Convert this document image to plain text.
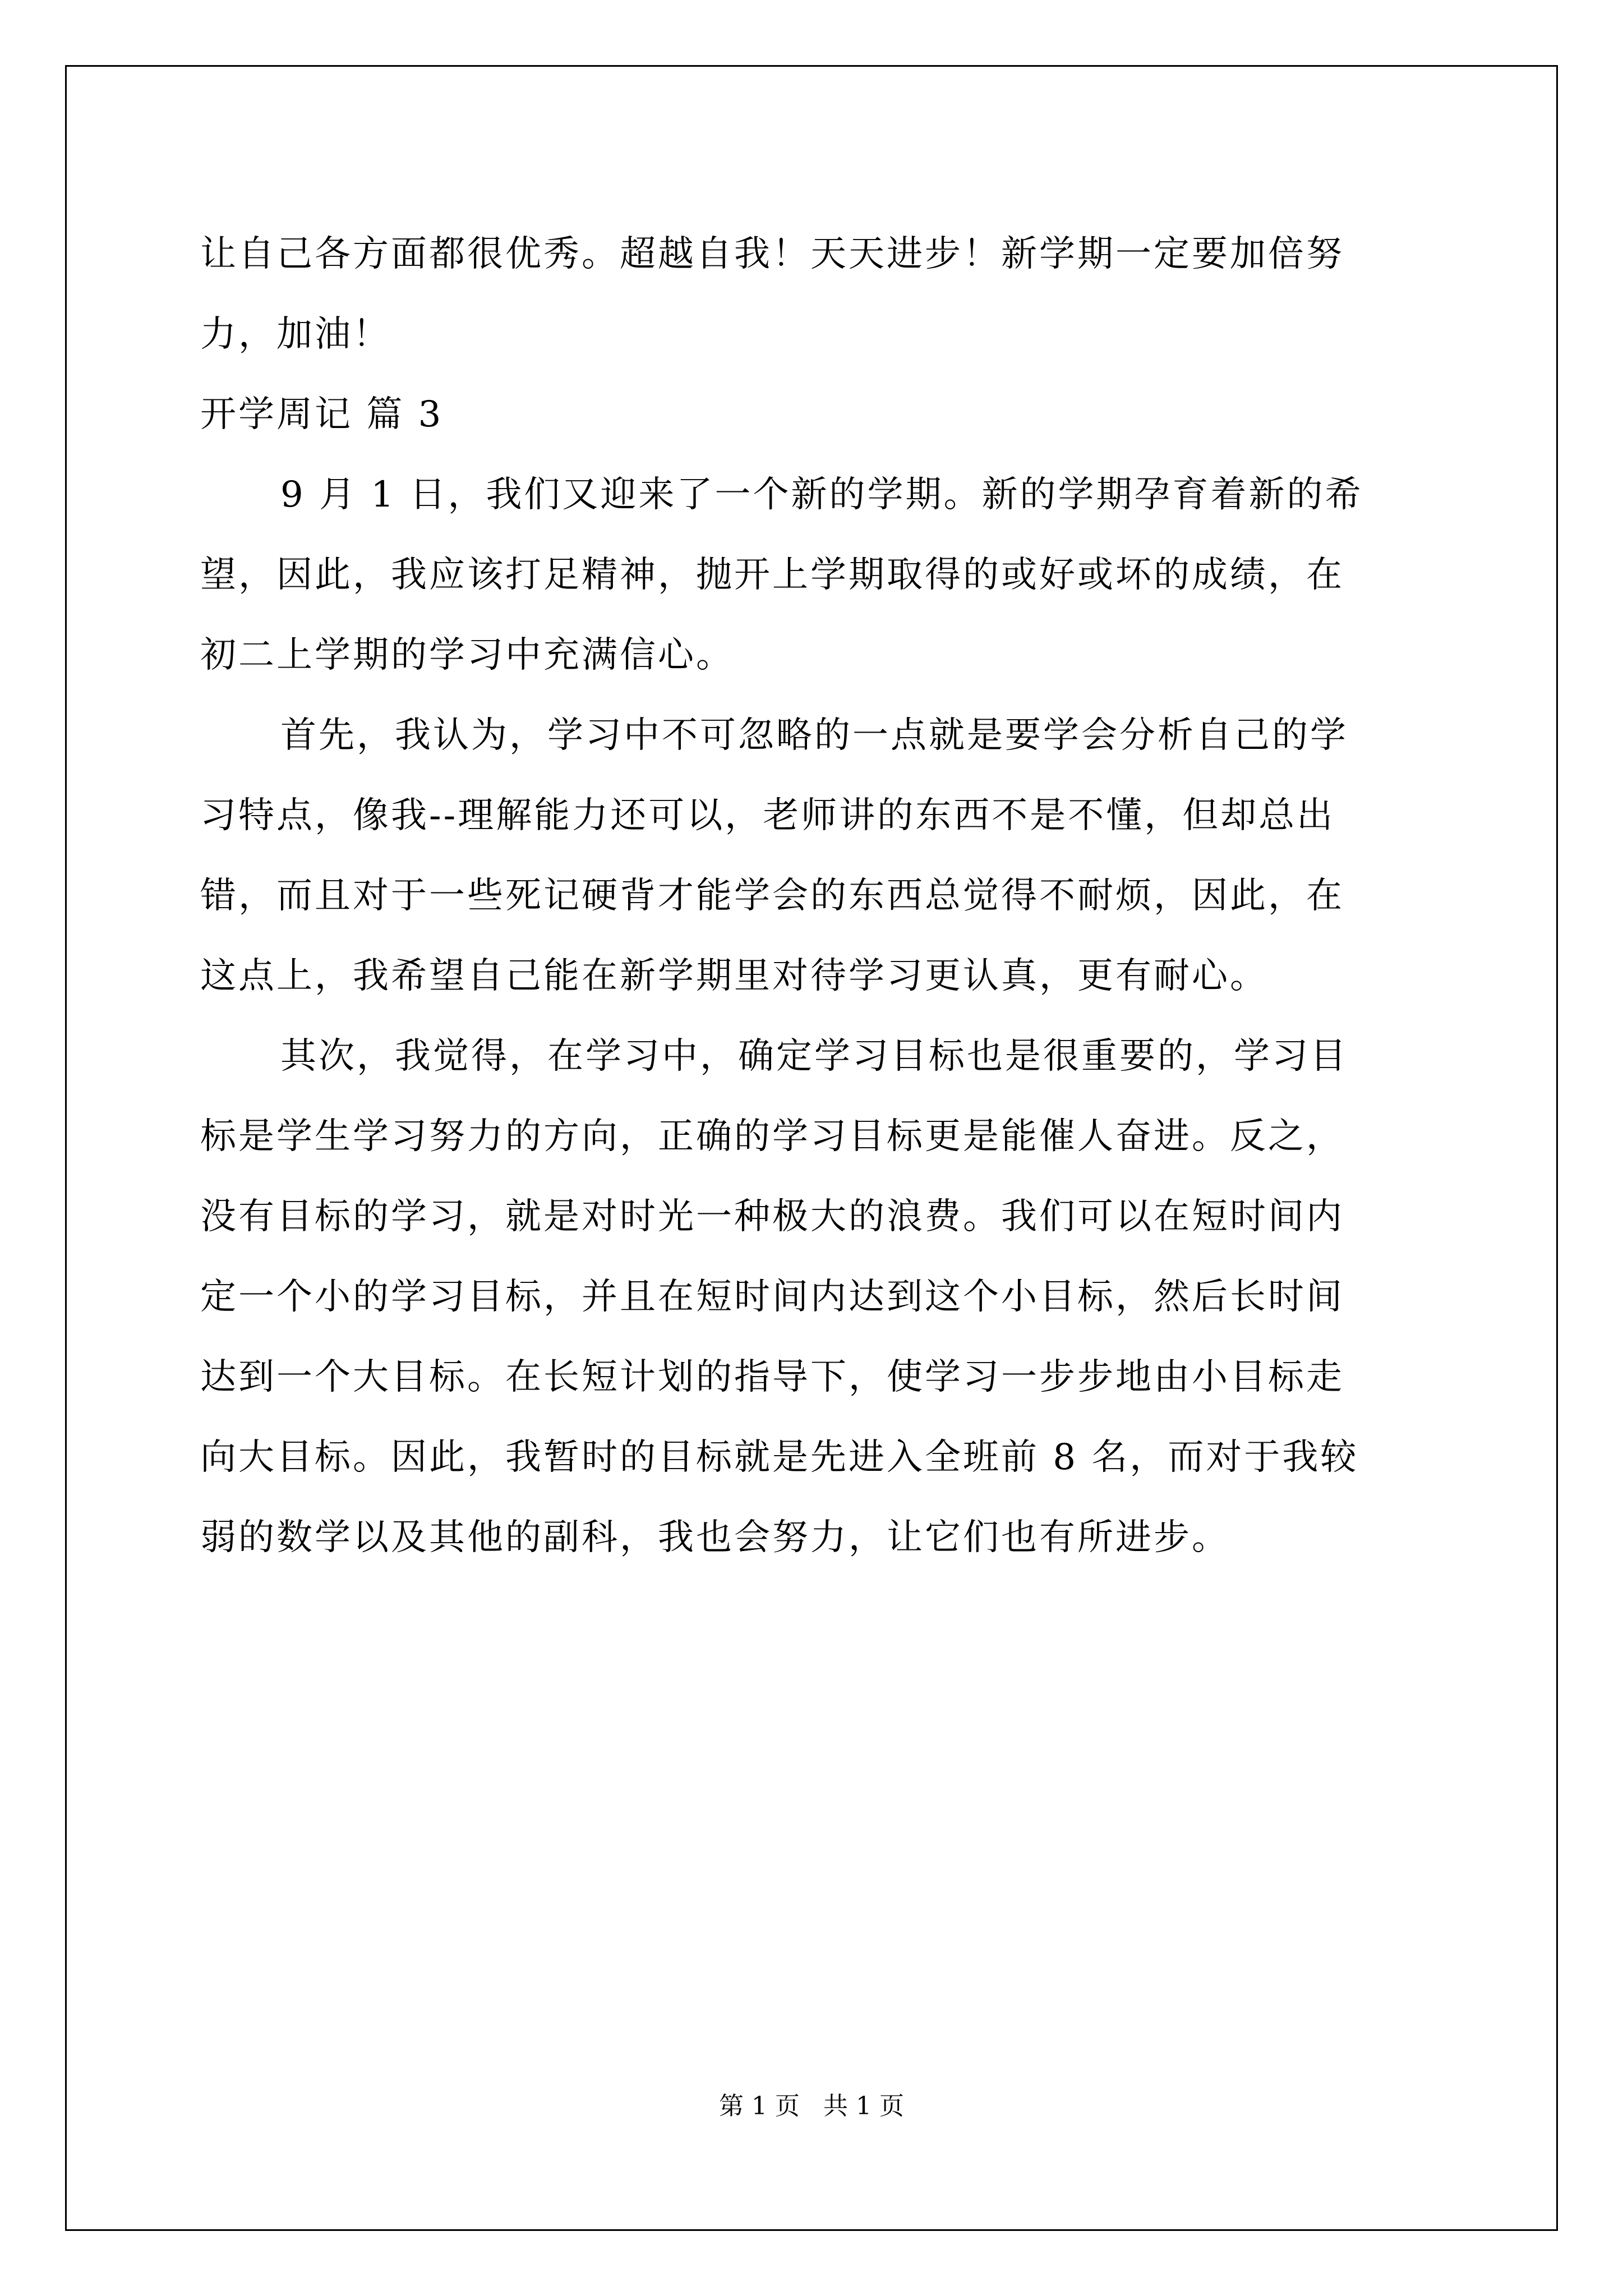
让自己各方面都很优秀。超越自我！天天进步！新学期一定要加倍努
力，加油！
开学周记 篇 3
9 月 1 日，我们又迎来了一个新的学期。新的学期孕育着新的希
望，因此，我应该打足精神，抛开上学期取得的或好或坏的成绩，在
初二上学期的学习中充满信心。
首先，我认为，学习中不可忽略的一点就是要学会分析自己的学
习特点，像我--理解能力还可以，老师讲的东西不是不懂，但却总出
错，而且对于一些死记硬背才能学会的东西总觉得不耐烦，因此，在
这点上，我希望自己能在新学期里对待学习更认真，更有耐心。
其次，我觉得，在学习中，确定学习目标也是很重要的，学习目
标是学生学习努力的方向，正确的学习目标更是能催人奋进。反之，
没有目标的学习，就是对时光一种极大的浪费。我们可以在短时间内
定一个小的学习目标，并且在短时间内达到这个小目标，然后长时间
达到一个大目标。在长短计划的指导下，使学习一步步地由小目标走
向大目标。因此，我暂时的目标就是先进入全班前 8 名，而对于我较
弱的数学以及其他的副科，我也会努力，让它们也有所进步。
第 1 页 共 1 页
